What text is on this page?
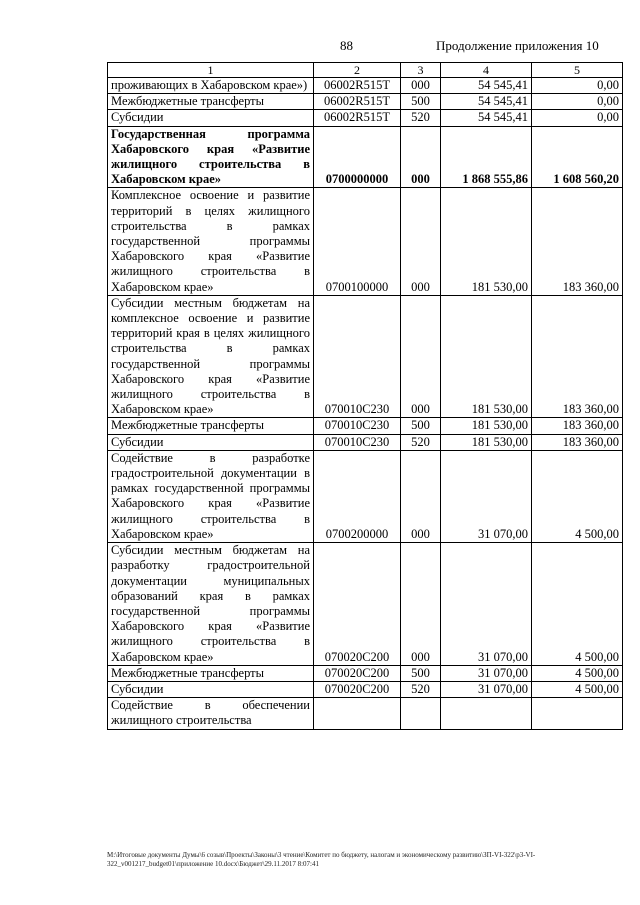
88	Продолжение приложения 10
1	2	3	4	5
проживающих в Хабаровском крае»)	06002R515T	000	54 545,41	0,00
Межбюджетные трансферты	06002R515T	500	54 545,41	0,00
Субсидии	06002R515T	520	54 545,41	0,00
Государственная программа Хабаровского края «Развитие жилищного строительства в Хабаровском крае»	0700000000	000	1 868 555,86	1 608 560,20
Комплексное освоение и развитие территорий в целях жилищного строительства в рамках государственной программы Хабаровского края «Развитие жилищного строительства в Хабаровском крае»	0700100000	000	181 530,00	183 360,00
Субсидии местным бюджетам на комплексное освоение и развитие территорий края в целях жилищного строительства в рамках государственной программы Хабаровского края «Развитие жилищного строительства в Хабаровском крае»	070010С230	000	181 530,00	183 360,00
Межбюджетные трансферты	070010С230	500	181 530,00	183 360,00
Субсидии	070010С230	520	181 530,00	183 360,00
Содействие в разработке градостроительной документации в рамках государственной программы Хабаровского края «Развитие жилищного строительства в Хабаровском крае»	0700200000	000	31 070,00	4 500,00
Субсидии местным бюджетам на разработку градостроительной документации муниципальных образований края в рамках государственной программы Хабаровского края «Развитие жилищного строительства в Хабаровском крае»	070020С200	000	31 070,00	4 500,00
Межбюджетные трансферты	070020С200	500	31 070,00	4 500,00
Субсидии	070020С200	520	31 070,00	4 500,00
Содействие в обеспечении жилищного строительства				
M:\Итоговые документы Думы\6 созыв\Проекты\Законы\3 чтение\Комитет по бюджету, налогам и экономическому развитию\ЗП-VI-322\р3-VI-322_v001217_budget01\приложение 10.docx\Бюджет\29.11.2017 8:07:41
